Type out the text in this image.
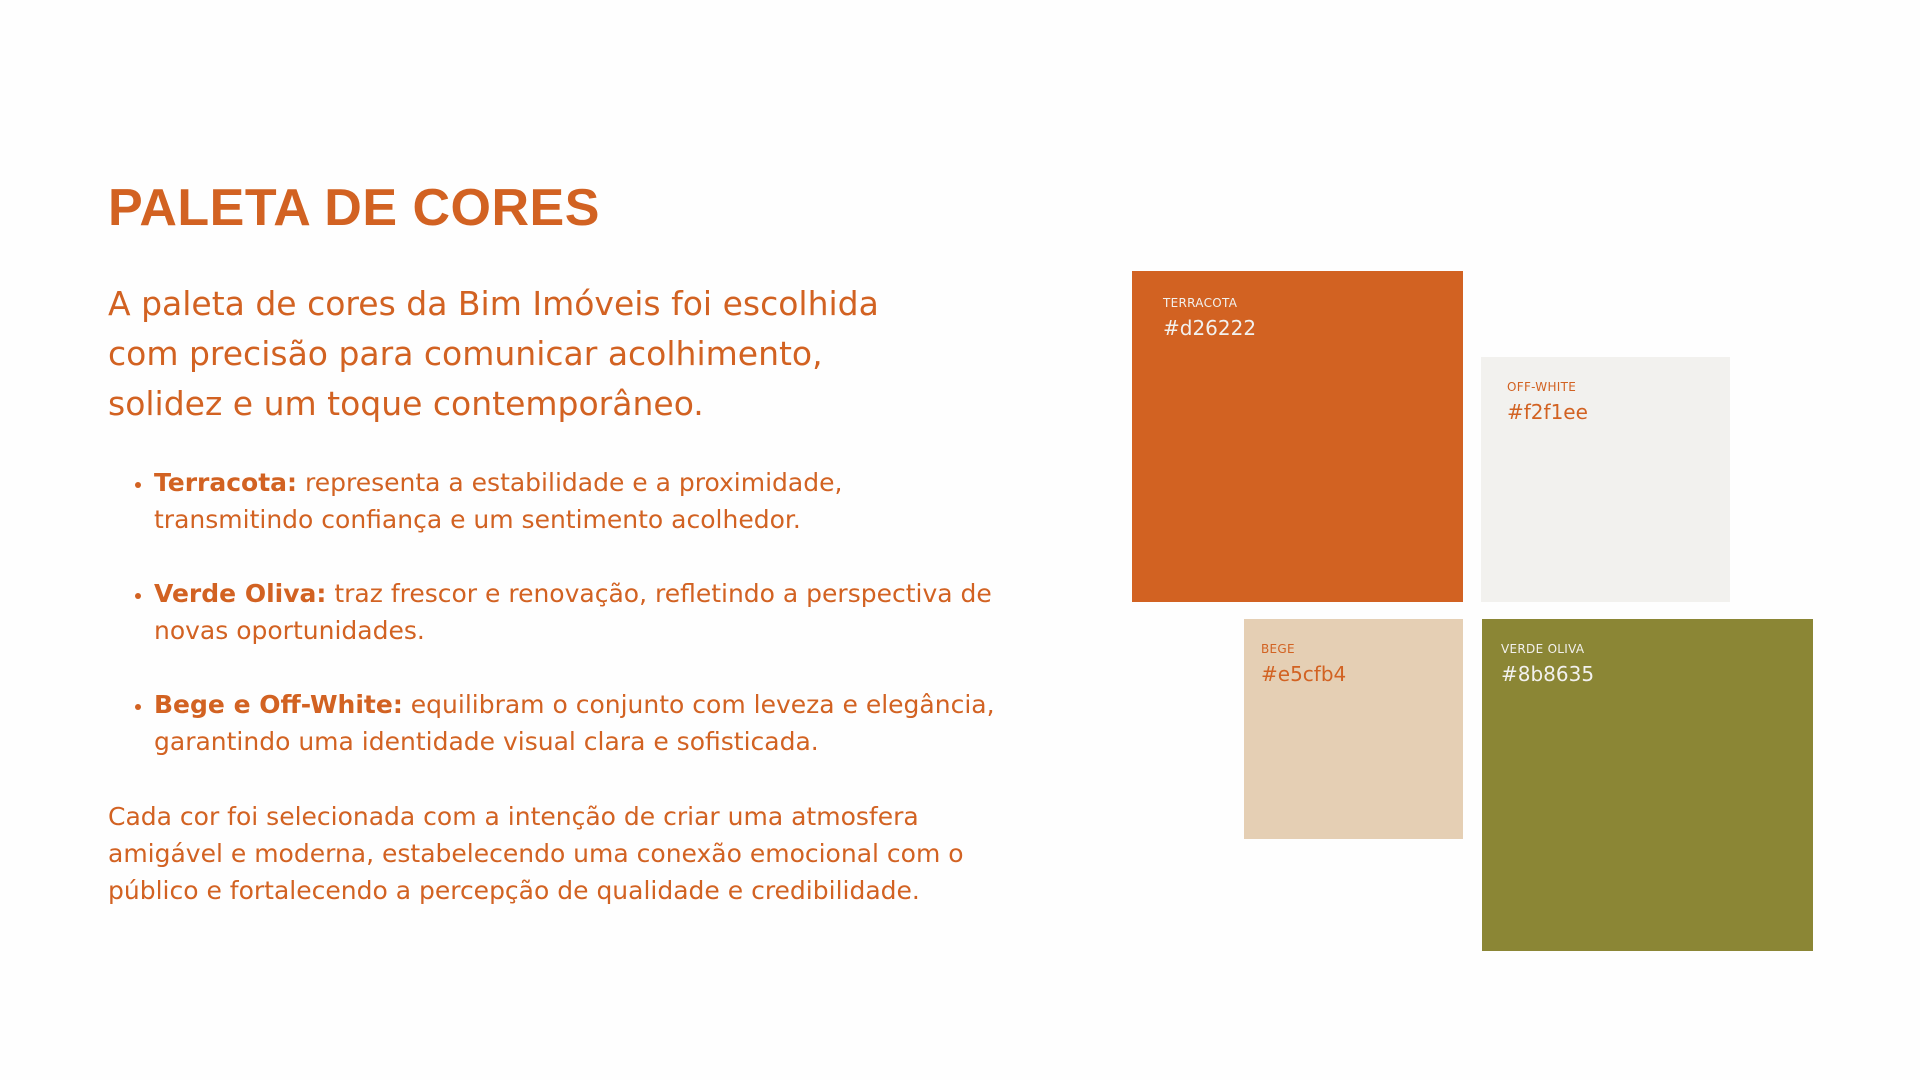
PALETA DE CORES

A paleta de cores da Bim Imóveis foi escolhida com precisão para comunicar acolhimento, solidez e um toque contemporâneo.

• Terracota: representa a estabilidade e a proximidade, transmitindo confiança e um sentimento acolhedor.
• Verde Oliva: traz frescor e renovação, refletindo a perspectiva de novas oportunidades.
• Bege e Off-White: equilibram o conjunto com leveza e elegância, garantindo uma identidade visual clara e sofisticada.

Cada cor foi selecionada com a intenção de criar uma atmosfera amigável e moderna, estabelecendo uma conexão emocional com o público e fortalecendo a percepção de qualidade e credibilidade.

TERRACOTA
#d26222
OFF-WHITE
#f2f1ee
BEGE
#e5cfb4
VERDE OLIVA
#8b8635
